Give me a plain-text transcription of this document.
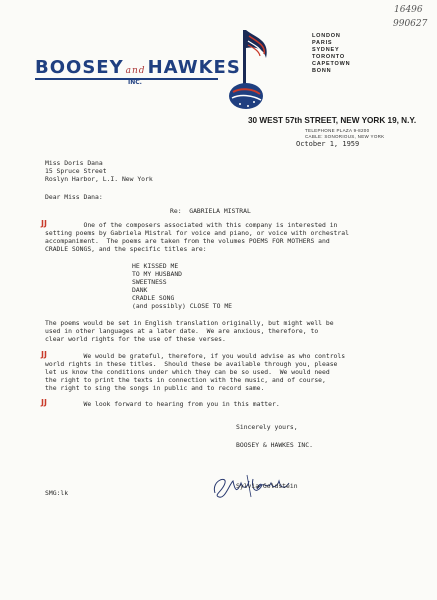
16496
990627
BOOSEY and HAWKES
INC.
LONDON
PARIS
SYDNEY
TORONTO
CAPETOWN
BONN
30 WEST 57th STREET, NEW YORK 19, N.Y.
TELEPHONE PLAZA 9-8200
CABLE: SONORIOUS, NEW YORK
October 1, 1959
Miss Doris Dana
15 Spruce Street
Roslyn Harbor, L.I. New York
Dear Miss Dana:
Re:  GABRIELA MISTRAL
JJ
One of the composers associated with this company is interested in
setting poems by Gabriela Mistral for voice and piano, or voice with orchestral
accompaniment.  The poems are taken from the volumes POEMS FOR MOTHERS and
CRADLE SONGS, and the specific titles are:
HE KISSED ME
TO MY HUSBAND
SWEETNESS
DANK
CRADLE SONG
(and possibly) CLOSE TO ME
The poems would be set in English translation originally, but might well be
used in other languages at a later date.  We are anxious, therefore, to
clear world rights for the use of these verses.
JJ
We would be grateful, therefore, if you would advise as who controls
world rights in these titles.  Should these be available through you, please
let us know the conditions under which they can be so used.  We would need
the right to print the texts in connection with the music, and of course,
the right to sing the songs in public and to record same.
JJ
We look forward to hearing from you in this matter.
Sincerely yours,
BOOSEY & HAWKES INC.
Sylvia Goldstein
SMG:lk
